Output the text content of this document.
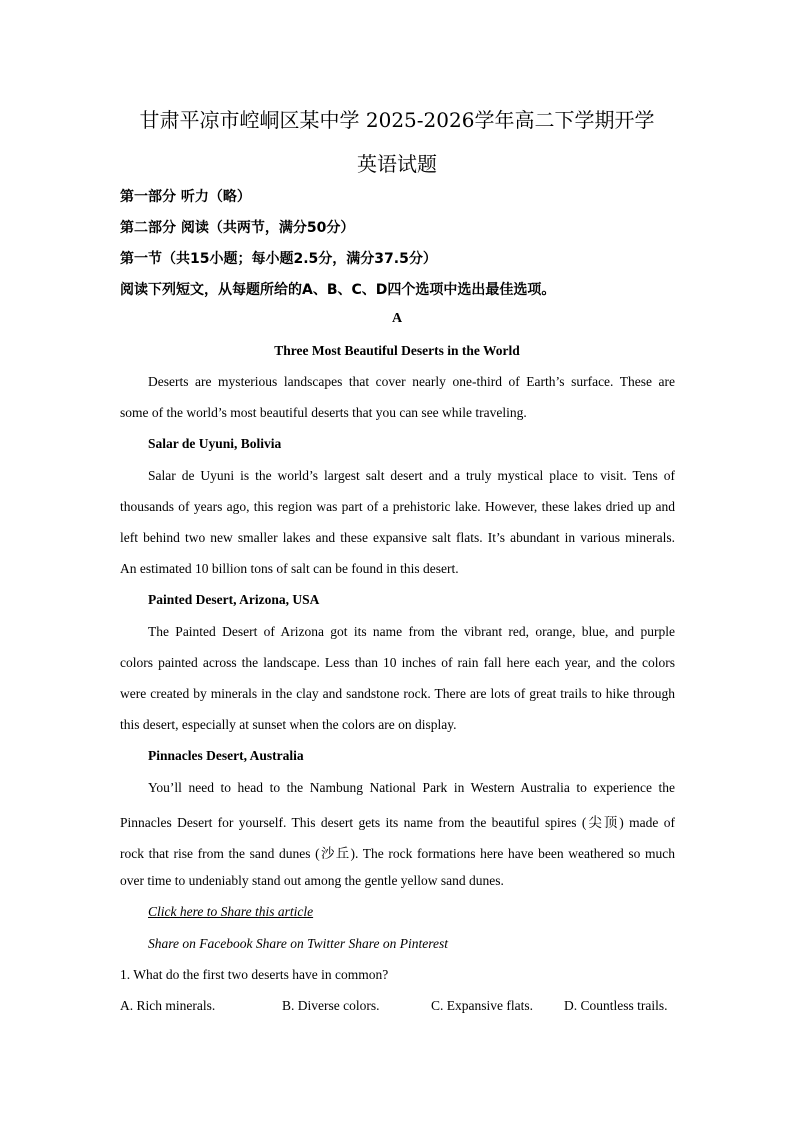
甘肃平凉市崆峒区某中学 2025-2026学年高二下学期开学
英语试题
第一部分 听力（略）
第二部分 阅读（共两节，满分50分）
第一节（共15小题；每小题2.5分，满分37.5分）
阅读下列短文，从每题所给的A、B、C、D四个选项中选出最佳选项。
A
Three Most Beautiful Deserts in the World
Deserts are mysterious landscapes that cover nearly one-third of Earth’s surface. These are
some of the world’s most beautiful deserts that you can see while traveling.
Salar de Uyuni, Bolivia
Salar de Uyuni is the world’s largest salt desert and a truly mystical place to visit. Tens of
thousands of years ago, this region was part of a prehistoric lake. However, these lakes dried up and
left behind two new smaller lakes and these expansive salt flats. It’s abundant in various minerals.
An estimated 10 billion tons of salt can be found in this desert.
Painted Desert, Arizona, USA
The Painted Desert of Arizona got its name from the vibrant red, orange, blue, and purple
colors painted across the landscape. Less than 10 inches of rain fall here each year, and the colors
were created by minerals in the clay and sandstone rock. There are lots of great trails to hike through
this desert, especially at sunset when the colors are on display.
Pinnacles Desert, Australia
You’ll need to head to the Nambung National Park in Western Australia to experience the
Pinnacles Desert for yourself. This desert gets its name from the beautiful spires (尖顶) made of
rock that rise from the sand dunes (沙丘). The rock formations here have been weathered so much
over time to undeniably stand out among the gentle yellow sand dunes.
Click here to Share this article
Share on Facebook Share on Twitter Share on Pinterest
1. What do the first two deserts have in common?
A. Rich minerals.	B. Diverse colors.	C. Expansive flats. D. Countless trails.
